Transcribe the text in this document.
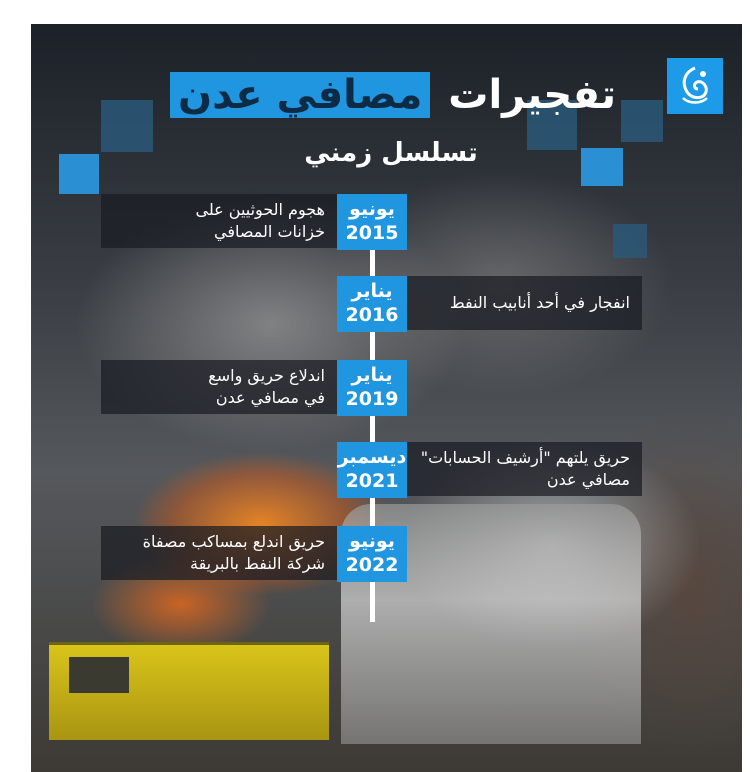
تفجيرات مصافي عدن
تسلسل زمني
هجوم الحوثيين على
خزانات المصافي
يونيو
2015
يناير
2016
انفجار في أحد أنابيب النفط
اندلاع حريق واسع
في مصافي عدن
يناير
2019
ديسمبر
2021
حريق يلتهم "أرشيف الحسابات"
مصافي عدن
حريق اندلع بمساكب مصفاة
شركة النفط بالبريقة
يونيو
2022
